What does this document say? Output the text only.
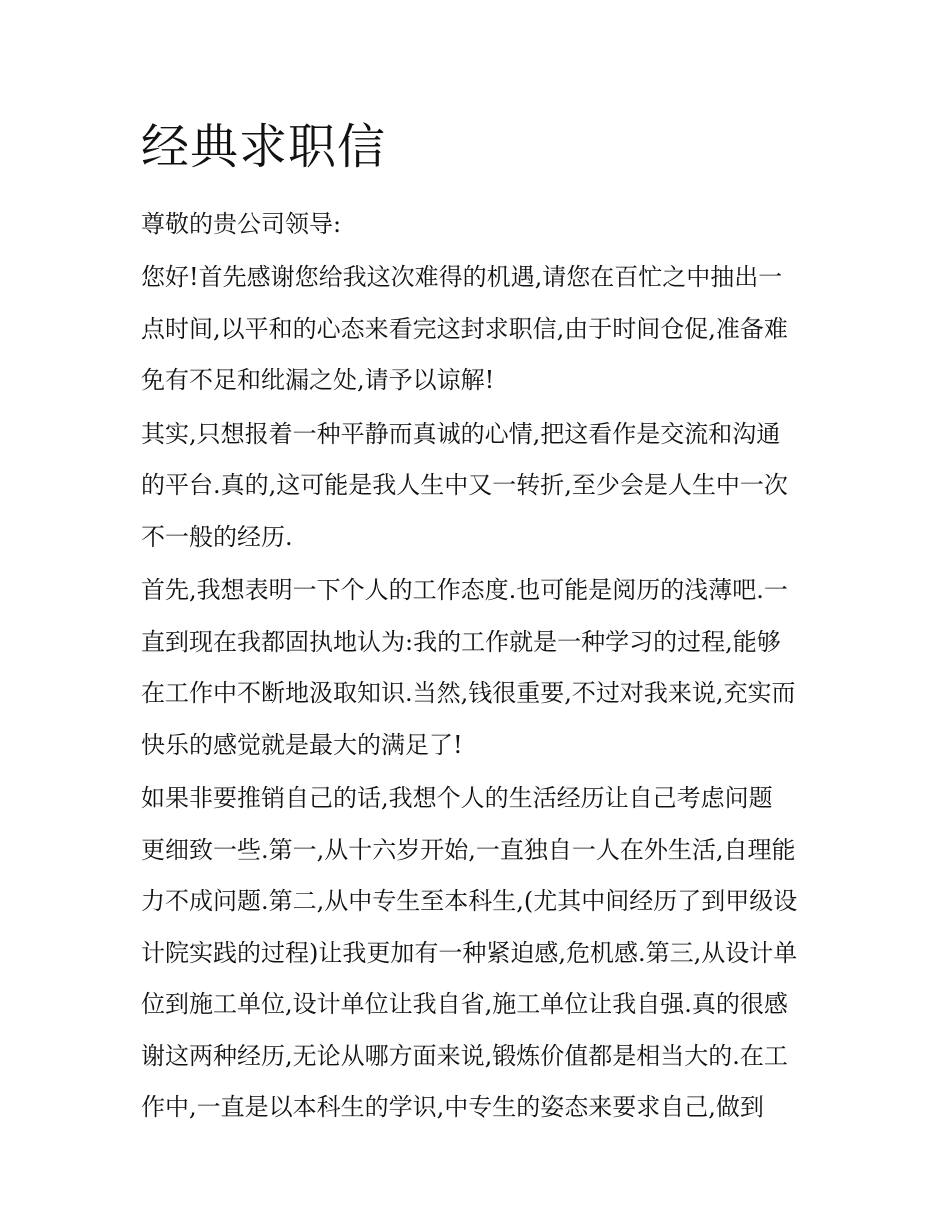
经典求职信

尊敬的贵公司领导:

您好!首先感谢您给我这次难得的机遇,请您在百忙之中抽出一

点时间,以平和的心态来看完这封求职信,由于时间仓促,准备难

免有不足和纰漏之处,请予以谅解!

其实,只想报着一种平静而真诚的心情,把这看作是交流和沟通

的平台.真的,这可能是我人生中又一转折,至少会是人生中一次

不一般的经历.

首先,我想表明一下个人的工作态度.也可能是阅历的浅薄吧.一

直到现在我都固执地认为:我的工作就是一种学习的过程,能够

在工作中不断地汲取知识.当然,钱很重要,不过对我来说,充实而

快乐的感觉就是最大的满足了!

如果非要推销自己的话,我想个人的生活经历让自己考虑问题

更细致一些.第一,从十六岁开始,一直独自一人在外生活,自理能

力不成问题.第二,从中专生至本科生,(尤其中间经历了到甲级设

计院实践的过程)让我更加有一种紧迫感,危机感.第三,从设计单

位到施工单位,设计单位让我自省,施工单位让我自强.真的很感

谢这两种经历,无论从哪方面来说,锻炼价值都是相当大的.在工

作中,一直是以本科生的学识,中专生的姿态来要求自己,做到
